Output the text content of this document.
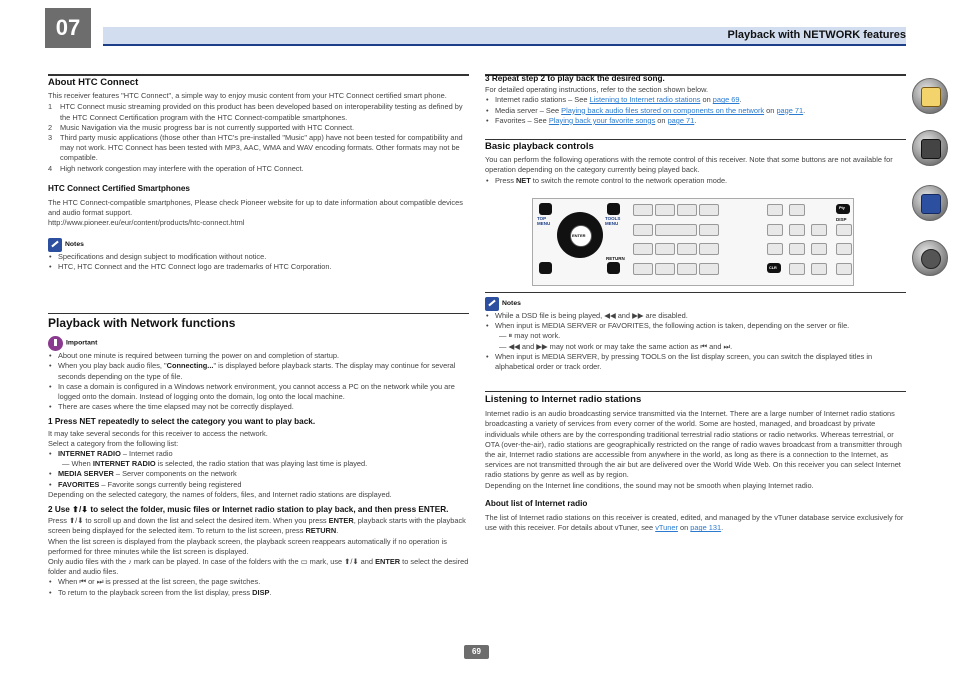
07	Playback with NETWORK features

About HTC Connect

This receiver features "HTC Connect", a simple way to enjoy music content from your HTC Connect certified smart phone.

1 HTC Connect music streaming provided on this product has been developed based on interoperability testing as defined by the HTC Connect Certification program with the HTC Connect-compatible smartphones.
2 Music Navigation via the music progress bar is not currently supported with HTC Connect.
3 Third party music applications (those other than HTC's pre-installed "Music" app) have not been tested for compatibility and may not work. HTC Connect has been tested with MP3, AAC, WMA and WAV encoding formats. Other formats may not be compatible.
4 High network congestion may interfere with the operation of HTC Connect.

HTC Connect Certified Smartphones

The HTC Connect-compatible smartphones, Please check Pioneer website for up to date information about compatible devices and audio format support.

http://www.pioneer.eu/eur/content/products/htc-connect.html

Notes
• Specifications and design subject to modification without notice.
• HTC, HTC Connect and the HTC Connect logo are trademarks of HTC Corporation.

Playback with Network functions

Important
• About one minute is required between turning the power on and completion of startup.
• When you play back audio files, "Connecting..." is displayed before playback starts. The display may continue for several seconds depending on the type of file.
• In case a domain is configured in a Windows network environment, you cannot access a PC on the network while you are logged onto the domain. Instead of logging onto the domain, log onto the local machine.
• There are cases where the time elapsed may not be correctly displayed.

1 Press NET repeatedly to select the category you want to play back.

It may take several seconds for this receiver to access the network.

Select a category from the following list:

• INTERNET RADIO – Internet radio
— When INTERNET RADIO is selected, the radio station that was playing last time is played.
• MEDIA SERVER – Server components on the network
• FAVORITES – Favorite songs currently being registered

Depending on the selected category, the names of folders, files, and Internet radio stations are displayed.

2 Use ⬆/⬇ to select the folder, music files or Internet radio station to play back, and then press ENTER.

Press ⬆/⬇ to scroll up and down the list and select the desired item. When you press ENTER, playback starts with the playback screen being displayed for the selected item. To return to the list screen, press RETURN.

When the list screen is displayed from the playback screen, the playback screen reappears automatically if no operation is performed for three minutes while the list screen is displayed.

Only audio files with the ♪ mark can be played. In case of the folders with the ▭ mark, use ⬆/⬇ and ENTER to select the desired folder and audio files.

• When ⏮ or ⏭ is pressed at the list screen, the page switches.
• To return to the playback screen from the list display, press DISP.

3 Repeat step 2 to play back the desired song.

For detailed operating instructions, refer to the section shown below.

• Internet radio stations – See Listening to Internet radio stations on page 69.
• Media server – See Playing back audio files stored on components on the network on page 71.
• Favorites – See Playing back your favorite songs on page 71.

Basic playback controls

You can perform the following operations with the remote control of this receiver. Note that some buttons are not available for operation depending on the category currently being played back.

• Press NET to switch the remote control to the network operation mode.
TOP MENU
TOOLS MENU
ENTER
RETURN
Pty
DISP
CLR
Notes
• While a DSD file is being played, ◀◀ and ▶▶ are disabled.
• When input is MEDIA SERVER or FAVORITES, the following action is taken, depending on the server or file.
— ⏸ may not work.
— ◀◀ and ▶▶ may not work or may take the same action as ⏮ and ⏭.
• When input is MEDIA SERVER, by pressing TOOLS on the list display screen, you can switch the displayed titles in alphabetical order or track order.

Listening to Internet radio stations

Internet radio is an audio broadcasting service transmitted via the Internet. There are a large number of Internet radio stations broadcasting a variety of services from every corner of the world. Some are hosted, managed, and broadcast by private individuals while others are by the corresponding traditional terrestrial radio stations or radio networks. Whereas terrestrial, or OTA (over-the-air), radio stations are geographically restricted on the range of radio waves broadcast from a transmitter through the air, Internet radio stations are accessible from anywhere in the world, as long as there is a connection to the Internet, as services are not transmitted through the air but are delivered over the World Wide Web. On this receiver you can select Internet radio stations by genre as well as by region.

Depending on the Internet line conditions, the sound may not be smooth when playing Internet radio.

About list of Internet radio

The list of Internet radio stations on this receiver is created, edited, and managed by the vTuner database service exclusively for use with this receiver. For details about vTuner, see vTuner on page 131.

69
